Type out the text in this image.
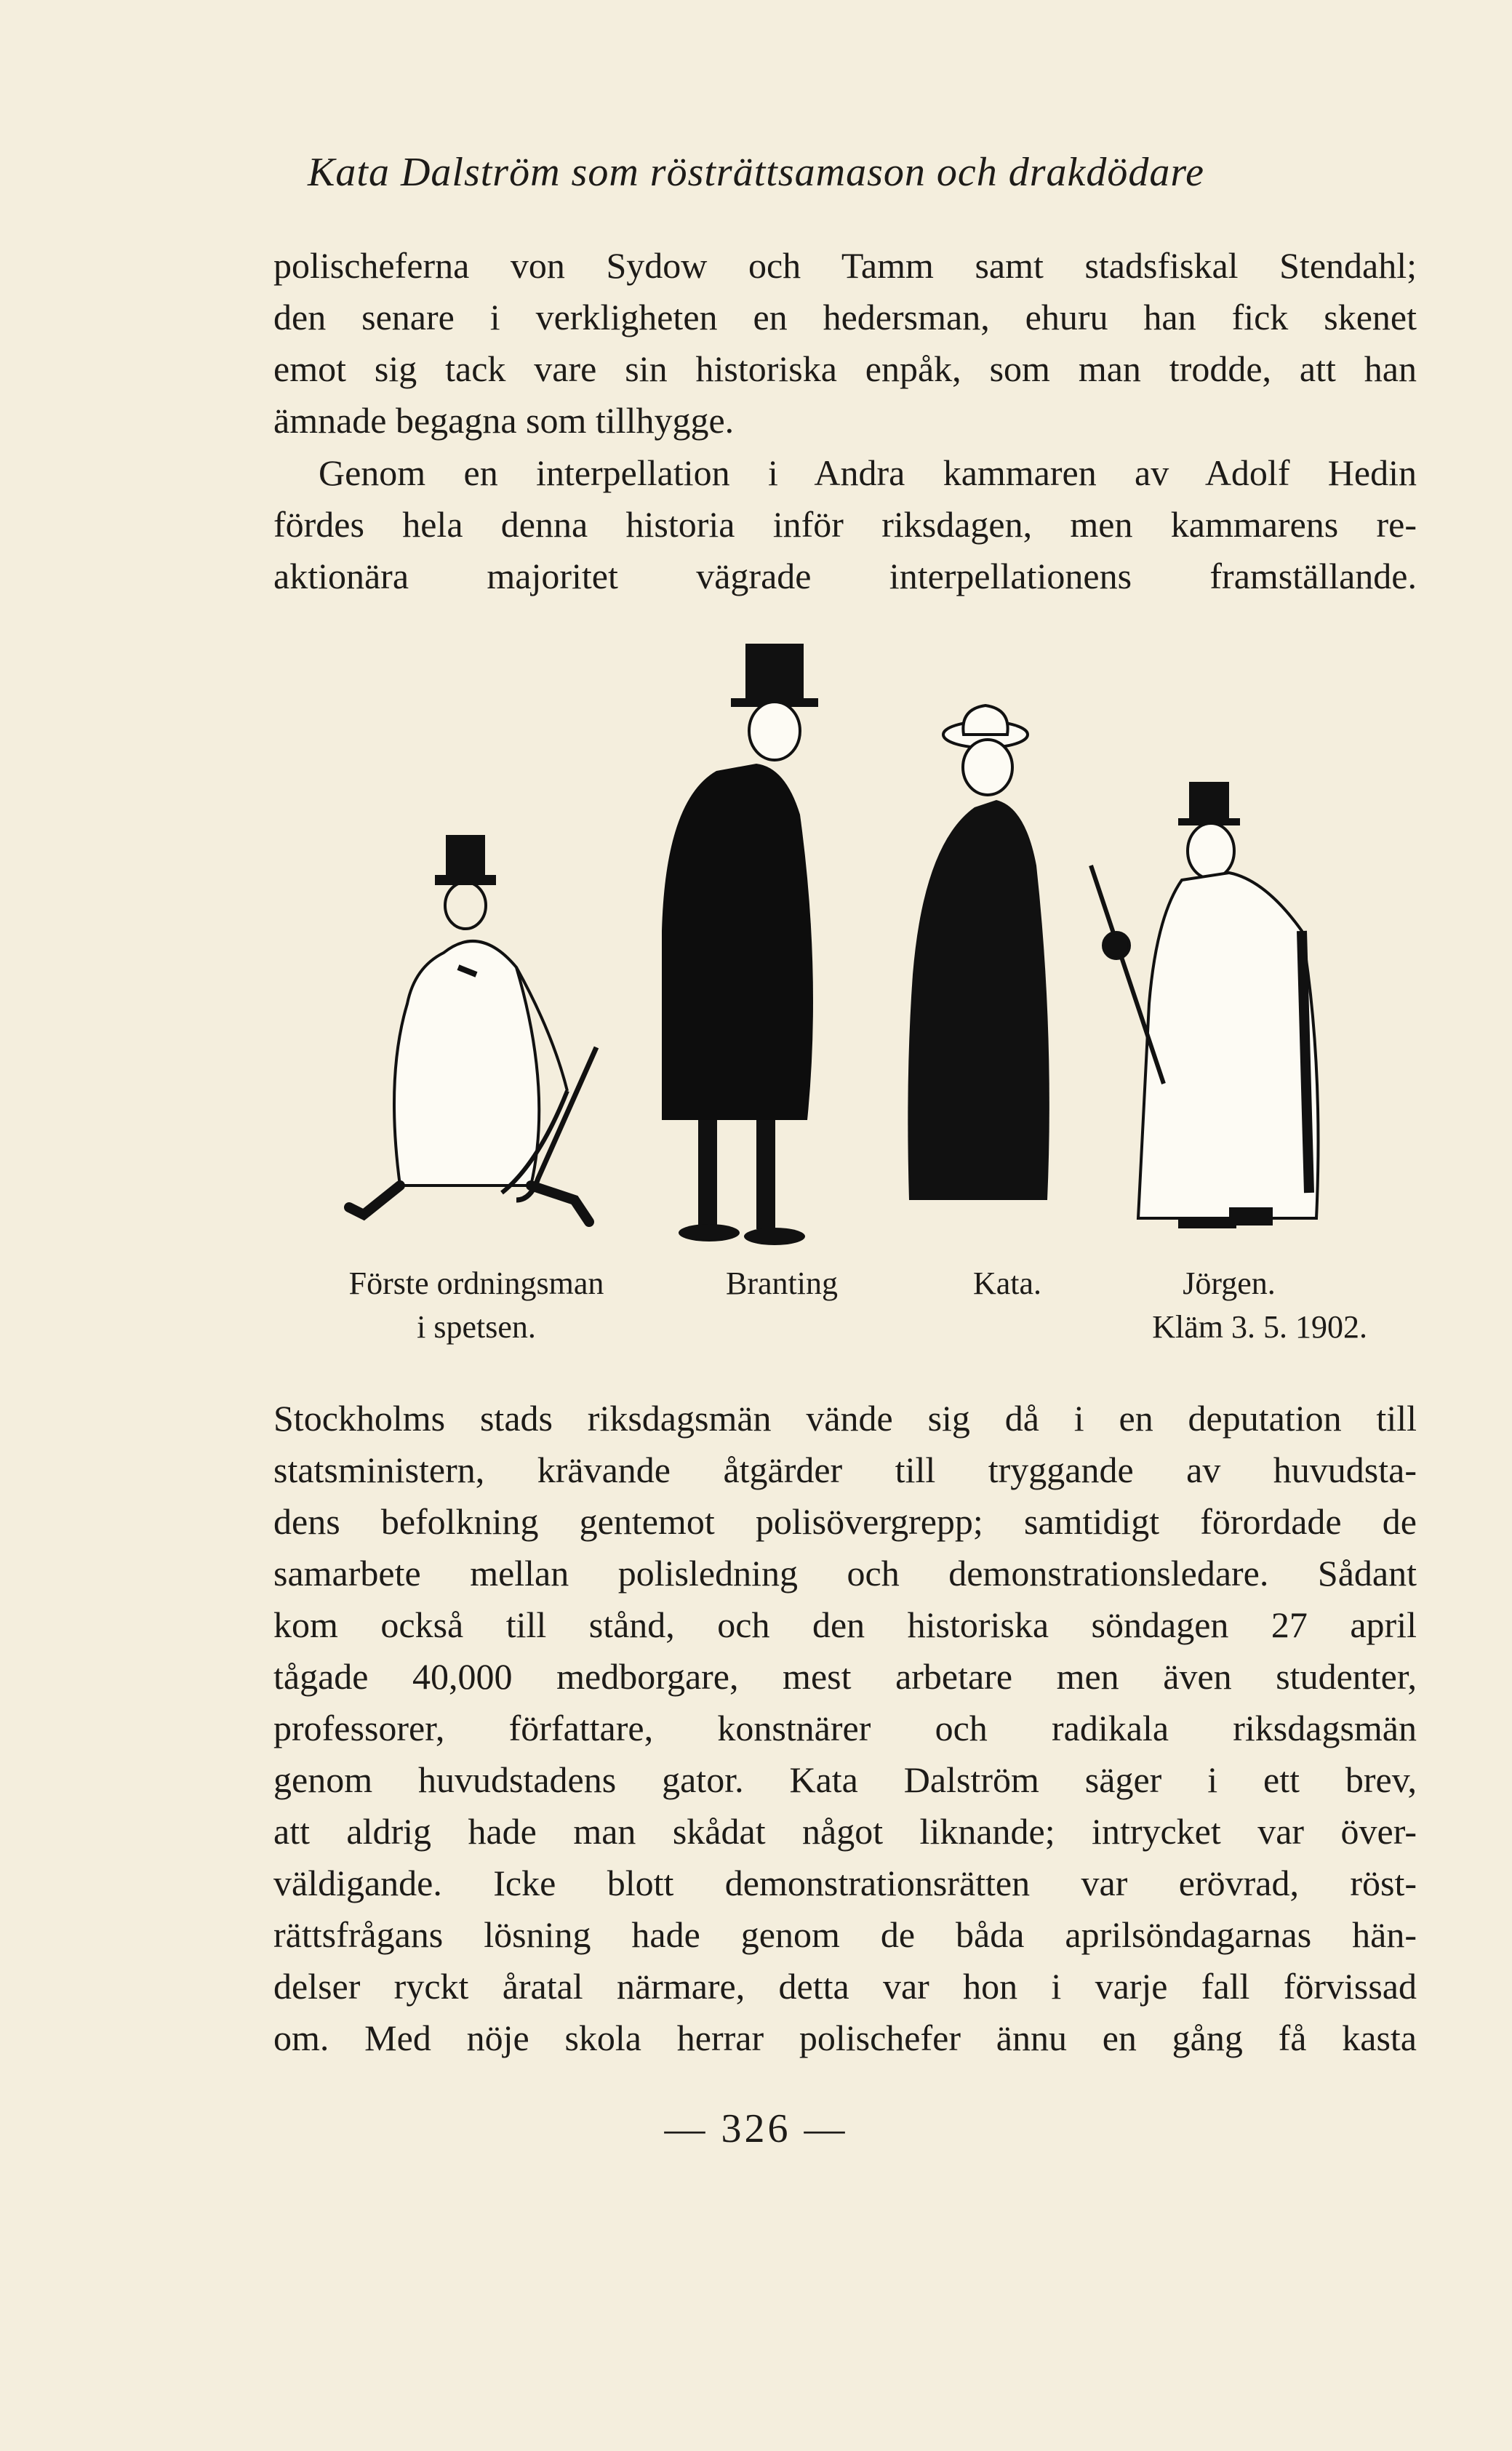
Kata Dalström som rösträttsamason och drakdödare
polischeferna von Sydow och Tamm samt stadsfiskal Stendahl;
den senare i verkligheten en hedersman, ehuru han fick skenet
emot sig tack vare sin historiska enpåk, som man trodde, att han
ämnade begagna som tillhygge.
Genom en interpellation i Andra kammaren av Adolf Hedin
fördes hela denna historia inför riksdagen, men kammarens re-
aktionära majoritet vägrade interpellationens framställande.
Förste ordningsman
i spetsen.
Branting	Kata.	Jörgen.
Kläm 3. 5. 1902.
Stockholms stads riksdagsmän vände sig då i en deputation till
statsministern, krävande åtgärder till tryggande av huvudsta-
dens befolkning gentemot polisövergrepp; samtidigt förordade de
samarbete mellan polisledning och demonstrationsledare. Sådant
kom också till stånd, och den historiska söndagen 27 april
tågade 40,000 medborgare, mest arbetare men även studenter,
professorer, författare, konstnärer och radikala riksdagsmän
genom huvudstadens gator. Kata Dalström säger i ett brev,
att aldrig hade man skådat något liknande; intrycket var över-
väldigande. Icke blott demonstrationsrätten var erövrad, röst-
rättsfrågans lösning hade genom de båda aprilsöndagarnas hän-
delser ryckt åratal närmare, detta var hon i varje fall förvissad
om. Med nöje skola herrar polischefer ännu en gång få kasta
— 326 —
